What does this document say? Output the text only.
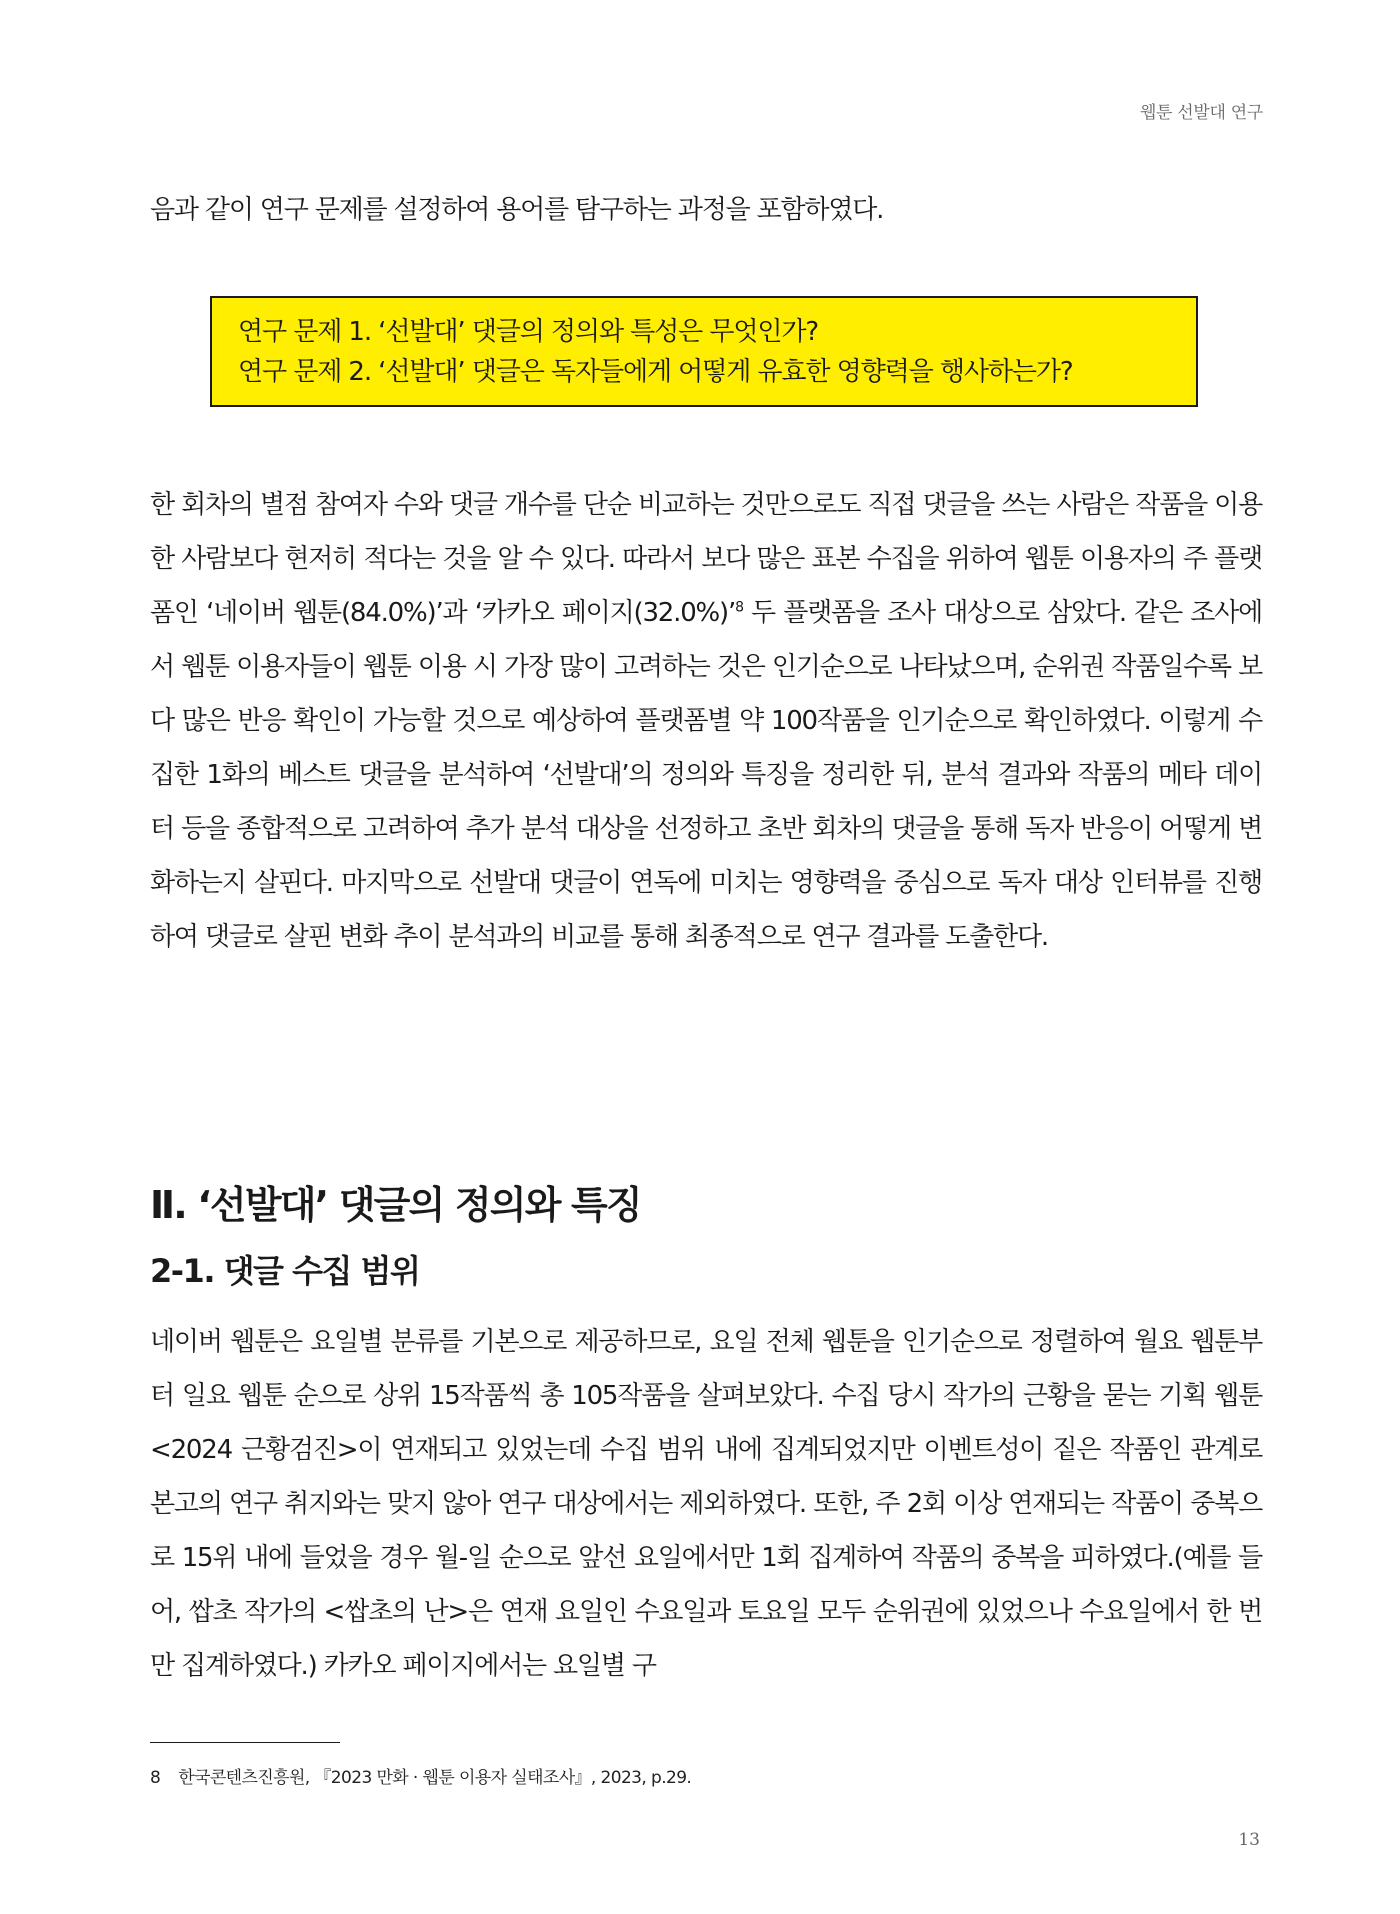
웹툰 선발대 연구

음과 같이 연구 문제를 설정하여 용어를 탐구하는 과정을 포함하였다.

연구 문제 1. ‘선발대’ 댓글의 정의와 특성은 무엇인가?
연구 문제 2. ‘선발대’ 댓글은 독자들에게 어떻게 유효한 영향력을 행사하는가?

한 회차의 별점 참여자 수와 댓글 개수를 단순 비교하는 것만으로도 직접 댓글을 쓰는 사람은 작품을 이용한 사람보다 현저히 적다는 것을 알 수 있다. 따라서 보다 많은 표본 수집을 위하여 웹툰 이용자의 주 플랫폼인 ‘네이버 웹툰(84.0%)’과 ‘카카오 페이지(32.0%)’$^8$ 두 플랫폼을 조사 대상으로 삼았다. 같은 조사에서 웹툰 이용자들이 웹툰 이용 시 가장 많이 고려하는 것은 인기순으로 나타났으며, 순위권 작품일수록 보다 많은 반응 확인이 가능할 것으로 예상하여 플랫폼별 약 100작품을 인기순으로 확인하였다. 이렇게 수집한 1화의 베스트 댓글을 분석하여 ‘선발대’의 정의와 특징을 정리한 뒤, 분석 결과와 작품의 메타 데이터 등을 종합적으로 고려하여 추가 분석 대상을 선정하고 초반 회차의 댓글을 통해 독자 반응이 어떻게 변화하는지 살핀다. 마지막으로 선발대 댓글이 연독에 미치는 영향력을 중심으로 독자 대상 인터뷰를 진행하여 댓글로 살핀 변화 추이 분석과의 비교를 통해 최종적으로 연구 결과를 도출한다.

Ⅱ. ‘선발대’ 댓글의 정의와 특징
2-1. 댓글 수집 범위

네이버 웹툰은 요일별 분류를 기본으로 제공하므로, 요일 전체 웹툰을 인기순으로 정렬하여 월요 웹툰부터 일요 웹툰 순으로 상위 15작품씩 총 105작품을 살펴보았다. 수집 당시 작가의 근황을 묻는 기획 웹툰 <2024 근황검진>이 연재되고 있었는데 수집 범위 내에 집계되었지만 이벤트성이 짙은 작품인 관계로 본고의 연구 취지와는 맞지 않아 연구 대상에서는 제외하였다. 또한, 주 2회 이상 연재되는 작품이 중복으로 15위 내에 들었을 경우 월-일 순으로 앞선 요일에서만 1회 집계하여 작품의 중복을 피하였다.(예를 들어, 쌉초 작가의 <쌉초의 난>은 연재 요일인 수요일과 토요일 모두 순위권에 있었으나 수요일에서 한 번만 집계하였다.) 카카오 페이지에서는 요일별 구

8 한국콘텐츠진흥원, 『2023 만화 · 웹툰 이용자 실태조사』, 2023, p.29.
13
